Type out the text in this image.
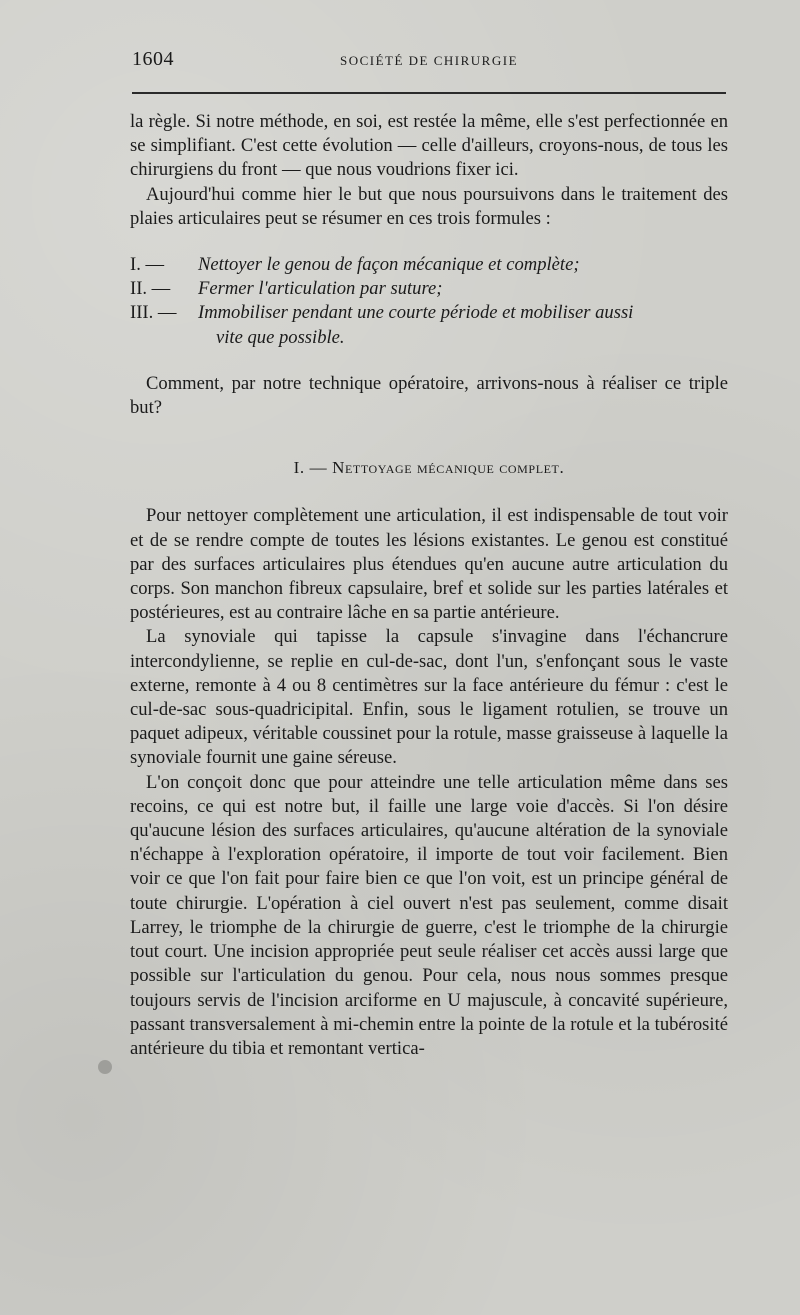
1604	SOCIÉTÉ DE CHIRURGIE

la règle. Si notre méthode, en soi, est restée la même, elle s'est perfectionnée en se simplifiant. C'est cette évolution — celle d'ailleurs, croyons-nous, de tous les chirurgiens du front — que nous voudrions fixer ici.

Aujourd'hui comme hier le but que nous poursuivons dans le traitement des plaies articulaires peut se résumer en ces trois formules :

I. —	Nettoyer le genou de façon mécanique et complète;
II. —	Fermer l'articulation par suture;
III. —	Immobiliser pendant une courte période et mobiliser aussi
vite que possible.

Comment, par notre technique opératoire, arrivons-nous à réaliser ce triple but?

I. — Nettoyage mécanique complet.

Pour nettoyer complètement une articulation, il est indispensable de tout voir et de se rendre compte de toutes les lésions existantes. Le genou est constitué par des surfaces articulaires plus étendues qu'en aucune autre articulation du corps. Son manchon fibreux capsulaire, bref et solide sur les parties latérales et postérieures, est au contraire lâche en sa partie antérieure.

La synoviale qui tapisse la capsule s'invagine dans l'échancrure intercondylienne, se replie en cul-de-sac, dont l'un, s'enfonçant sous le vaste externe, remonte à 4 ou 8 centimètres sur la face antérieure du fémur : c'est le cul-de-sac sous-quadricipital. Enfin, sous le ligament rotulien, se trouve un paquet adipeux, véritable coussinet pour la rotule, masse graisseuse à laquelle la synoviale fournit une gaine séreuse.

L'on conçoit donc que pour atteindre une telle articulation même dans ses recoins, ce qui est notre but, il faille une large voie d'accès. Si l'on désire qu'aucune lésion des surfaces articulaires, qu'aucune altération de la synoviale n'échappe à l'exploration opératoire, il importe de tout voir facilement. Bien voir ce que l'on fait pour faire bien ce que l'on voit, est un principe général de toute chirurgie. L'opération à ciel ouvert n'est pas seulement, comme disait Larrey, le triomphe de la chirurgie de guerre, c'est le triomphe de la chirurgie tout court. Une incision appropriée peut seule réaliser cet accès aussi large que possible sur l'articulation du genou. Pour cela, nous nous sommes presque toujours servis de l'incision arciforme en U majuscule, à concavité supérieure, passant transversalement à mi-chemin entre la pointe de la rotule et la tubérosité antérieure du tibia et remontant vertica-
